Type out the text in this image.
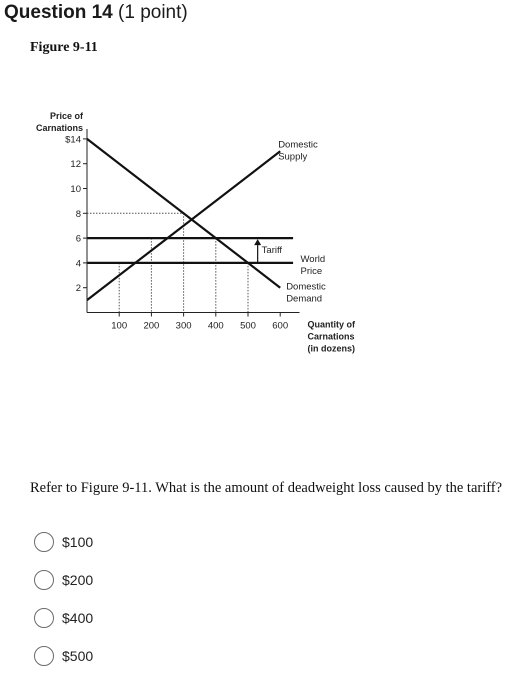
Question 14 (1 point)
Figure 9-11
$14
12
10
8
6
4
2
100 200 300 400 500 600
Price of
Carnations
Quantity of
Carnations
(in dozens)
Domestic
Supply
World
Price
Domestic
Demand
Tariff
Refer to Figure 9-11. What is the amount of deadweight loss caused by the tariff?
$100
$200
$400
$500
